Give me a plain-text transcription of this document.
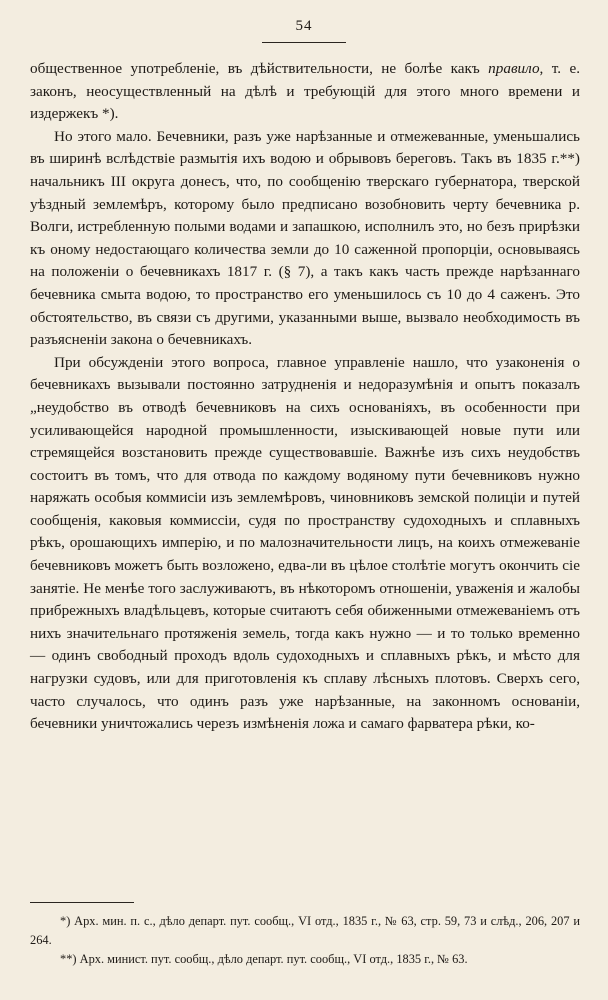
54

общественное употребленіе, въ дѣйствительности, не болѣе какъ правило, т. е. законъ, неосуществленный на дѣлѣ и требующій для этого много времени и издержекъ *).

Но этого мало. Бечевники, разъ уже нарѣзанные и отмежеванные, уменьшались въ ширинѣ вслѣдствіе размытія ихъ водою и обрывовъ береговъ. Такъ въ 1835 г.**) начальникъ III округа донесъ, что, по сообщенію тверскаго губернатора, тверской уѣздный землемѣръ, которому было предписано возобновить черту бечевника р. Волги, истребленную полыми водами и запашкою, исполнилъ это, но безъ прирѣзки къ оному недостающаго количества земли до 10 саженной пропорціи, основываясь на положеніи о бечевникахъ 1817 г. (§ 7), а такъ какъ часть прежде нарѣзаннаго бечевника смыта водою, то пространство его уменьшилось съ 10 до 4 саженъ. Это обстоятельство, въ связи съ другими, указанными выше, вызвало необходимость въ разъясненіи закона о бечевникахъ.

При обсужденіи этого вопроса, главное управленіе нашло, что узаконенія о бечевникахъ вызывали постоянно затрудненія и недоразумѣнія и опытъ показалъ „неудобство въ отводѣ бечевниковъ на сихъ основаніяхъ, въ особенности при усиливающейся народной промышленности, изыскивающей новые пути или стремящейся возстановить прежде существовавшіе. Важнѣе изъ сихъ неудобствъ состоитъ въ томъ, что для отвода по каждому водяному пути бечевниковъ нужно наряжать особыя коммисіи изъ землемѣровъ, чиновниковъ земской полиціи и путей сообщенія, каковыя коммиссіи, судя по пространству судоходныхъ и сплавныхъ рѣкъ, орошающихъ имперію, и по малозначительности лицъ, на коихъ отмежеваніе бечевниковъ можетъ быть возложено, едва-ли въ цѣлое столѣтіе могутъ окончить сіе занятіе. Не менѣе того заслуживаютъ, въ нѣкоторомъ отношеніи, уваженія и жалобы прибрежныхъ владѣльцевъ, которые считаютъ себя обиженными отмежеваніемъ отъ нихъ значительнаго протяженія земель, тогда какъ нужно — и то только временно — одинъ свободный проходъ вдоль судоходныхъ и сплавныхъ рѣкъ, и мѣсто для нагрузки судовъ, или для приготовленія къ сплаву лѣсныхъ плотовъ. Сверхъ сего, часто случалось, что одинъ разъ уже нарѣзанные, на законномъ основаніи, бечевники уничтожались черезъ измѣненія ложа и самаго фарватера рѣки, ко-

*) Арх. мин. п. с., дѣло департ. пут. сообщ., VI отд., 1835 г., № 63, стр. 59, 73 и слѣд., 206, 207 и 264.

**) Арх. минист. пут. сообщ., дѣло департ. пут. сообщ., VI отд., 1835 г., № 63.
